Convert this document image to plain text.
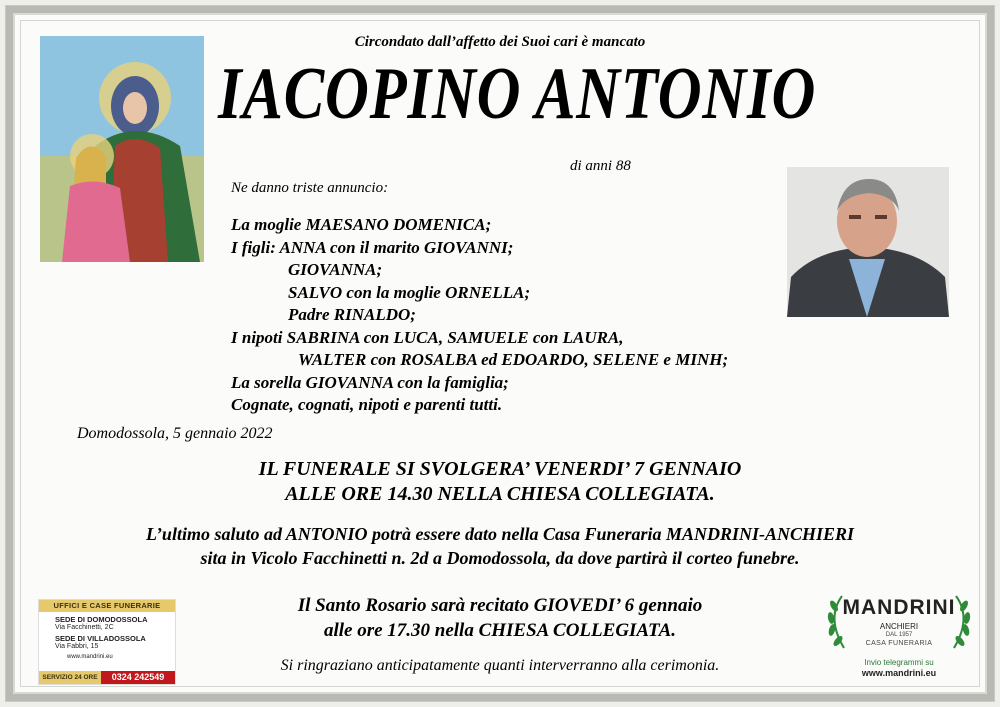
Circondato dall’affetto dei Suoi cari è mancato
IACOPINO ANTONIO
di anni 88
Ne danno triste annuncio:
La moglie MAESANO DOMENICA;
I figli: ANNA con il marito GIOVANNI;
GIOVANNA;
SALVO con la moglie ORNELLA;
Padre RINALDO;
I nipoti SABRINA con LUCA, SAMUELE con LAURA,
WALTER con ROSALBA ed EDOARDO, SELENE e MINH;
La sorella GIOVANNA con la famiglia;
Cognate, cognati, nipoti e parenti tutti.
Domodossola, 5 gennaio 2022
IL FUNERALE SI SVOLGERA’ VENERDI’ 7 GENNAIO
ALLE ORE 14.30 NELLA CHIESA COLLEGIATA.
L’ultimo saluto ad ANTONIO potrà essere dato nella Casa Funeraria MANDRINI-ANCHIERI
sita in Vicolo Facchinetti n. 2d a Domodossola, da dove partirà il corteo funebre.
Il Santo Rosario sarà recitato GIOVEDI’ 6 gennaio
alle ore 17.30 nella CHIESA COLLEGIATA.
Si ringraziano anticipatamente quanti interverranno alla cerimonia.
UFFICI E CASE FUNERARIE
SEDE DI DOMODOSSOLA
Via Facchinetti, 2C
SEDE DI VILLADOSSOLA
Via Fabbri, 15
www.mandrini.eu
SERVIZIO 24 ORE	0324 242549
MANDRINI
ANCHIERI
DAL 1957
CASA FUNERARIA
Invio telegrammi su
www.mandrini.eu
